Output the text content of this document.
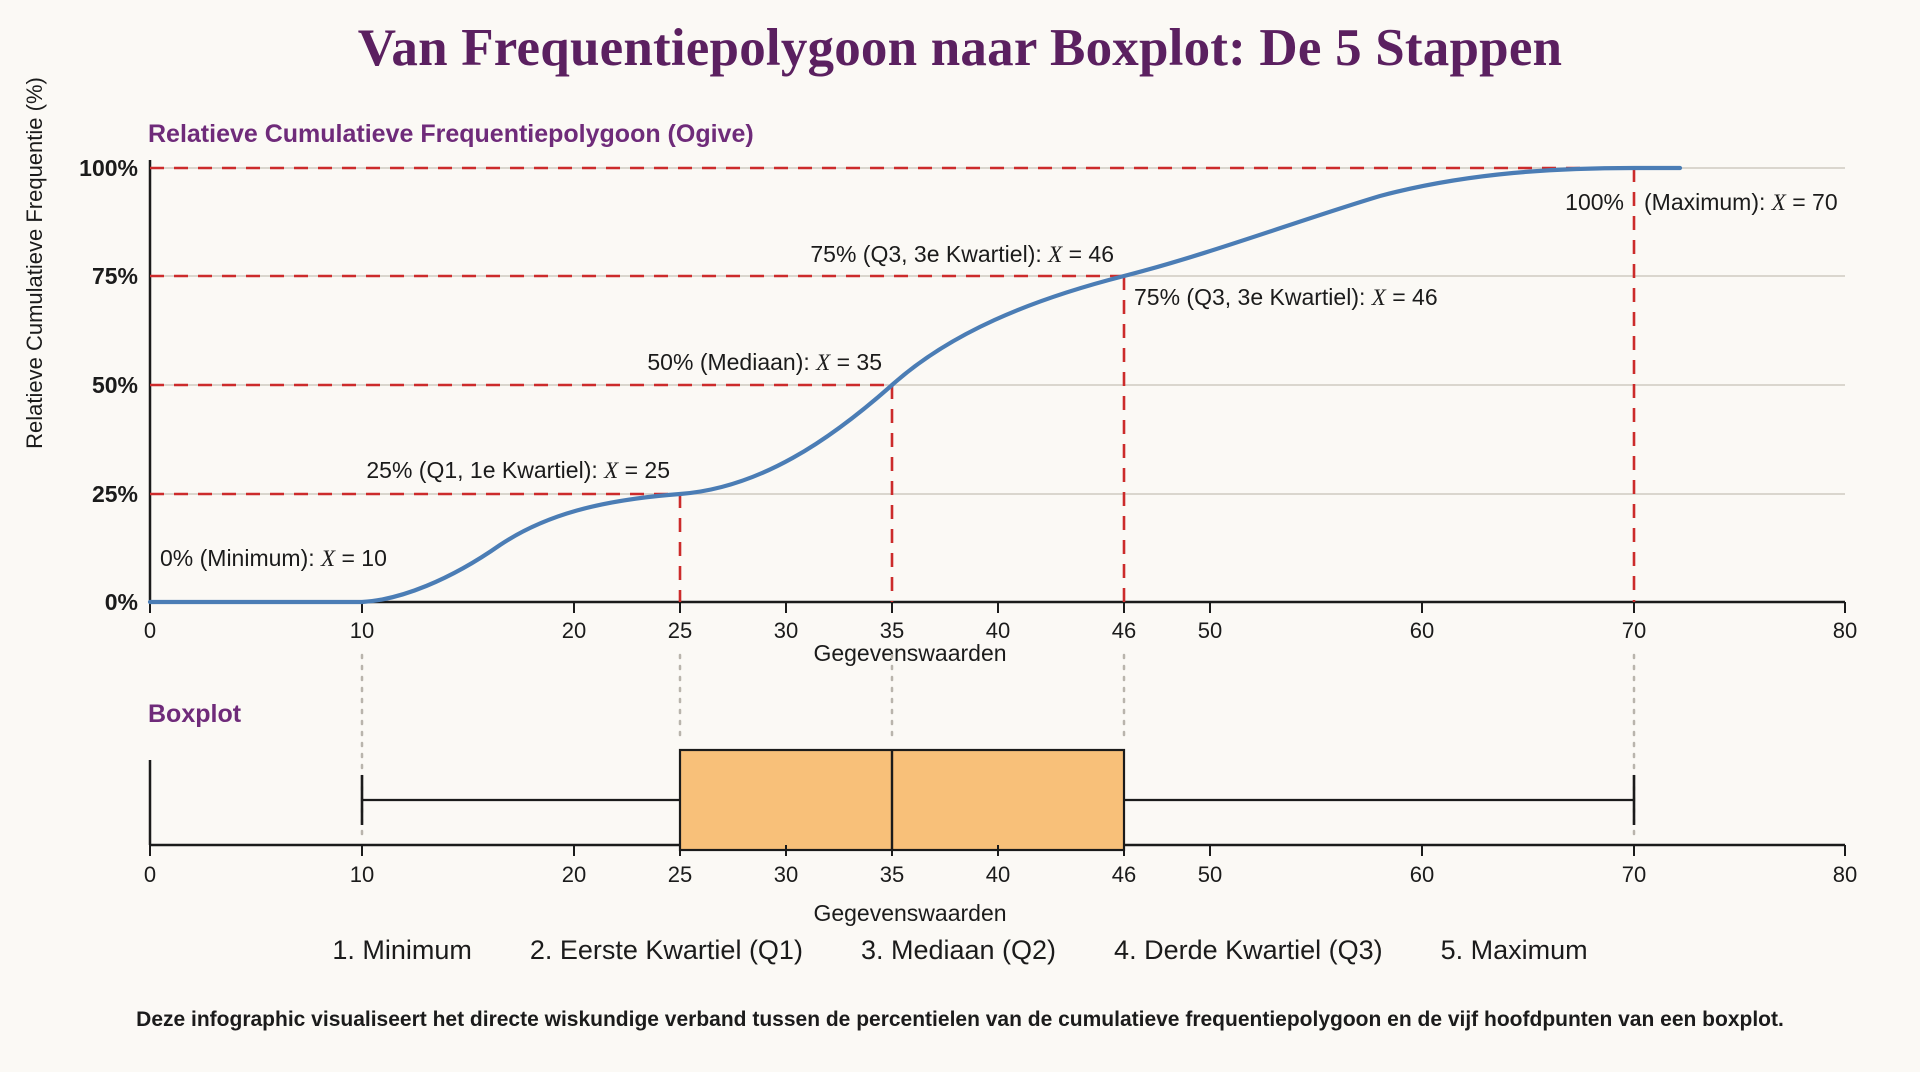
Van Frequentiepolygoon naar Boxplot: De 5 Stappen
Relatieve Cumulatieve Frequentiepolygoon (Ogive)
Boxplot
Relatieve Cumulatieve Frequentie (%)
Gegevenswaarden
Gegevenswaarden
0%
25%
50%
75%
100%
0	10	20	25	30	35	40	46	50	60	70	80
0% (Minimum): X = 10
25% (Q1, 1e Kwartiel): X = 25
50% (Mediaan): X = 35
75% (Q3, 3e Kwartiel): X = 46
75% (Q3, 3e Kwartiel): X = 46
100% (Maximum): X = 70
0	10	20	25	30	35	40	46	50	60	70	80
1. Minimum 2. Eerste Kwartiel (Q1) 3. Mediaan (Q2) 4. Derde Kwartiel (Q3) 5. Maximum
Deze infographic visualiseert het directe wiskundige verband tussen de percentielen van de cumulatieve frequentiepolygoon en de vijf hoofdpunten van een boxplot.
